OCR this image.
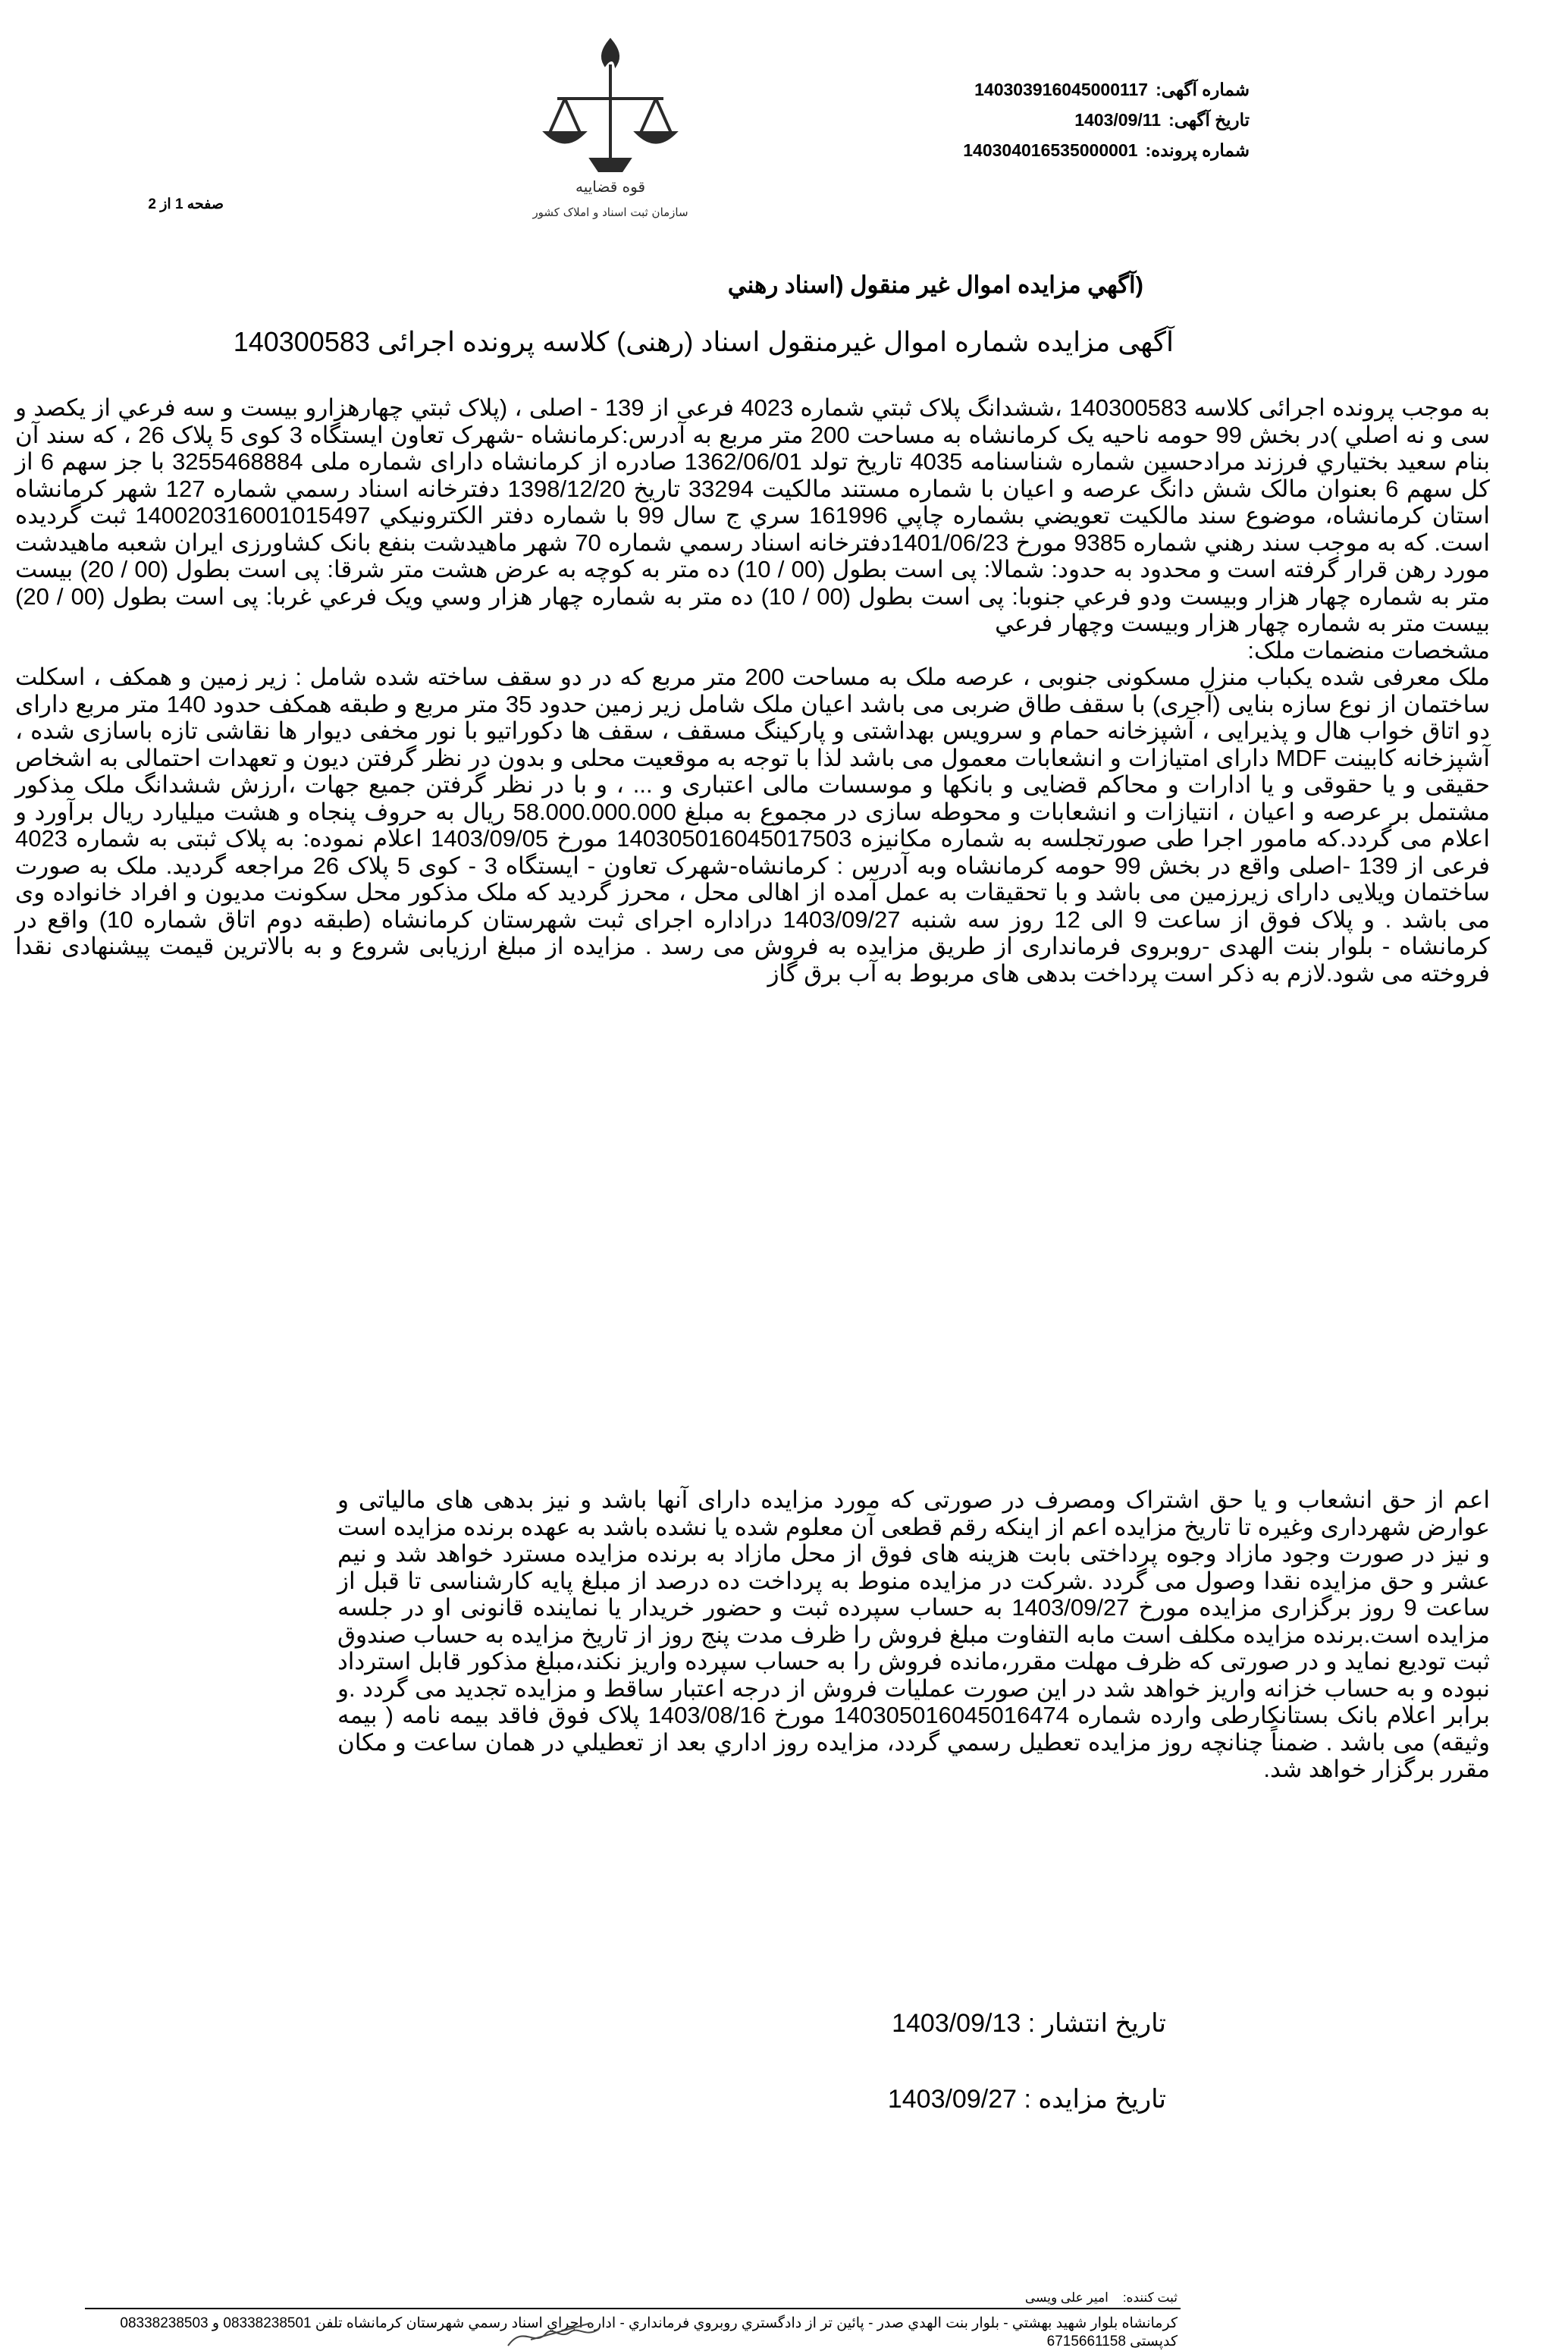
قوه قضاییه
سازمان ثبت اسناد و املاک کشور
شماره آگهی:
140303916045000117
تاریخ آگهی:
1403/09/11
شماره پرونده:
140304016535000001
صفحه 1 از 2
(آگهي مزايده اموال غير منقول (اسناد رهني
آگهی مزایده شماره اموال غیرمنقول اسناد (رهنی) کلاسه پرونده اجرائی 140300583

به موجب پرونده اجرائی کلاسه 140300583 ،ششدانگ پلاک ثبتي شماره 4023 فرعی از 139 - اصلی ، (پلاک ثبتي چهارهزارو بيست و سه فرعي از يكصد و سی و نه اصلي )در بخش 99 حومه ناحيه يک کرمانشاه به مساحت 200 متر مربع به آدرس:کرمانشاه -شهرک تعاون ایستگاه 3 کوی 5 پلاک 26 ، که سند آن بنام سعيد بختياري فرزند مرادحسين شماره شناسنامه 4035 تاریخ تولد 1362/06/01 صادره از کرمانشاه دارای شماره ملی 3255468884 با جز سهم 6 از کل سهم 6 بعنوان مالک شش دانگ عرصه و اعيان با شماره مستند مالکيت 33294 تاريخ 1398/12/20 دفترخانه اسناد رسمي شماره 127 شهر کرمانشاه استان کرمانشاه، موضوع سند مالكيت تعويضي بشماره چاپي 161996 سري ج سال 99 با شماره دفتر الكترونيكي 140020316001015497 ثبت گرديده است. که به موجب سند رهني شماره 9385 مورخ 1401/06/23دفترخانه اسناد رسمي شماره 70 شهر ماهيدشت بنفع بانک کشاورزی ايران شعبه ماهيدشت مورد رهن قرار گرفته است و محدود به حدود: شمالا: پی است بطول (00 / 10) ده متر به کوچه به عرض هشت متر شرقا: پی است بطول (00 / 20) بیست متر به شماره چهار هزار وبيست ودو فرعي جنوبا: پی است بطول (00 / 10) ده متر به شماره چهار هزار وسي ويک فرعي غربا: پی است بطول (00 / 20) بيست متر به شماره چهار هزار وبيست وچهار فرعي

مشخصات منضمات ملک:

ملک معرفی شده یکباب منزل مسکونی جنوبی ، عرصه ملک به مساحت 200 متر مربع که در دو سقف ساخته شده شامل : زیر زمین و همکف ، اسکلت ساختمان از نوع سازه بنایی (آجری) با سقف طاق ضربی می باشد اعیان ملک شامل زیر زمین حدود 35 متر مربع و طبقه همکف حدود 140 متر مربع دارای دو اتاق خواب هال و پذیرایی ، آشپزخانه حمام و سرویس بهداشتی و پارکینگ مسقف ، سقف ها دکوراتیو با نور مخفی دیوار ها نقاشی تازه باسازی شده ، آشپزخانه کابینت MDF دارای امتیازات و انشعابات معمول می باشد لذا با توجه به موقعیت محلی و بدون در نظر گرفتن دیون و تعهدات احتمالی به اشخاص حقیقی و یا حقوقی و یا ادارات و محاکم قضایی و بانکها و موسسات مالی اعتباری و ... ، و با در نظر گرفتن جمیع جهات ،ارزش ششدانگ ملک مذکور مشتمل بر عرصه و اعیان ، انتیازات و انشعابات و محوطه سازی در مجموع به مبلغ 58.000.000.000 ریال به حروف پنجاه و هشت میلیارد ریال برآورد و اعلام می گردد.که مامور اجرا طی صورتجلسه به شماره مکانیزه 140305016045017503 مورخ 1403/09/05 اعلام نموده: به پلاک ثبتی به شماره 4023 فرعی از 139 -اصلی واقع در بخش 99 حومه کرمانشاه وبه آدرس : کرمانشاه-شهرک تعاون - ایستگاه 3 - کوی 5 پلاک 26 مراجعه گردید. ملک به صورت ساختمان ویلایی دارای زیرزمین می باشد و با تحقیقات به عمل آمده از اهالی محل ، محرز گردید که ملک مذکور محل سکونت مدیون و افراد خانواده وی می باشد . و پلاک فوق از ساعت 9 الی 12 روز سه شنبه 1403/09/27 دراداره اجرای ثبت شهرستان کرمانشاه (طبقه دوم اتاق شماره 10) واقع در کرمانشاه - بلوار بنت الهدی -روبروی فرمانداری از طریق مزایده به فروش می رسد . مزایده از مبلغ ارزیابی شروع و به بالاترین قیمت پیشنهادی نقدا فروخته می شود.لازم به ذکر است پرداخت بدهی های مربوط به آب برق گاز

اعم از حق انشعاب و یا حق اشتراک ومصرف در صورتی که مورد مزایده دارای آنها باشد و نیز بدهی های مالیاتی و عوارض شهرداری وغیره تا تاریخ مزایده اعم از اینکه رقم قطعی آن معلوم شده یا نشده باشد به عهده برنده مزایده است و نیز در صورت وجود مازاد وجوه پرداختی بابت هزینه های فوق از محل مازاد به برنده مزایده مسترد خواهد شد و نیم عشر و حق مزایده نقدا وصول می گردد .شرکت در مزایده منوط به پرداخت ده درصد از مبلغ پایه کارشناسی تا قبل از ساعت 9 روز برگزاری مزایده مورخ 1403/09/27 به حساب سپرده ثبت و حضور خریدار یا نماینده قانونی او در جلسه مزایده است.برنده مزایده مکلف است مابه التفاوت مبلغ فروش را ظرف مدت پنج روز از تاریخ مزایده به حساب صندوق ثبت تودیع نماید و در صورتی که ظرف مهلت مقرر،مانده فروش را به حساب سپرده واریز نکند،مبلغ مذکور قابل استرداد نبوده و به حساب خزانه واریز خواهد شد در این صورت عملیات فروش از درجه اعتبار ساقط و مزایده تجدید می گردد .و برابر اعلام بانک بستانکارطی وارده شماره 140305016045016474 مورخ 1403/08/16 پلاک فوق فاقد بیمه نامه ( بیمه وثیقه) می باشد . ضمناً چنانچه روز مزایده تعطیل رسمي گردد، مزايده روز اداري بعد از تعطيلي در همان ساعت و مكان مقرر برگزار خواهد شد.

تاریخ انتشار : 1403/09/13
تاریخ مزایده : 1403/09/27
ثبت کننده:    امیر علی ویسی
کرمانشاه بلوار شهيد بهشتي - بلوار بنت الهدي صدر - پائين تر از دادگستري روبروي فرمانداري - اداره اجراي اسناد رسمي شهرستان کرمانشاه تلفن 08338238501 و 08338238503 کدپستی 6715661158
